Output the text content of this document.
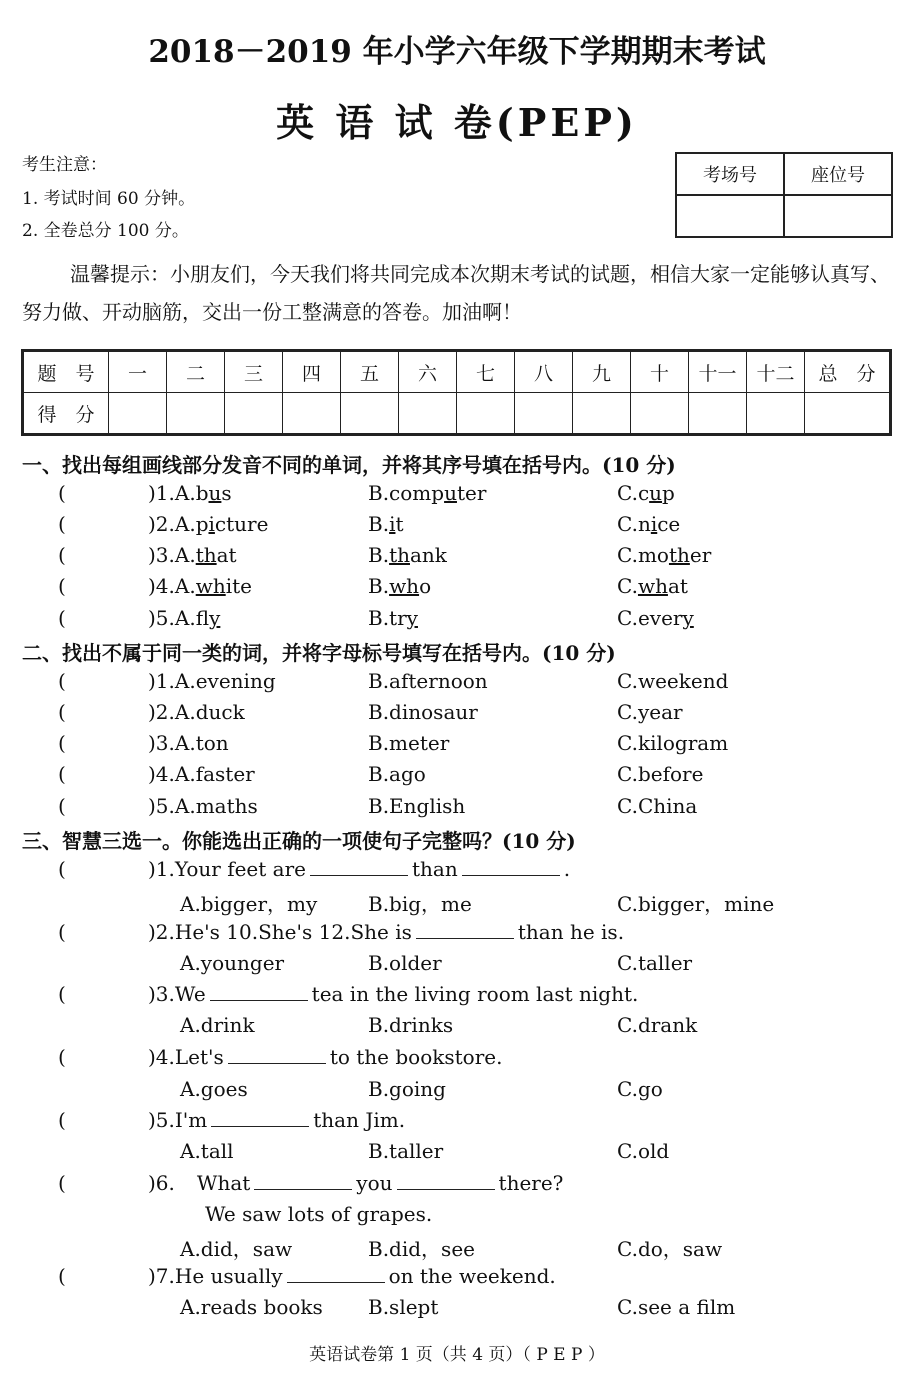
2018－2019 年小学六年级下学期期末考试
英 语 试 卷(PEP)
考生注意：
1. 考试时间 60 分钟。
2. 全卷总分 100 分。
考场号	座位号

温馨提示：小朋友们，今天我们将共同完成本次期末考试的试题，相信大家一定能够认真写、努力做、开动脑筋，交出一份工整满意的答卷。加油啊！
题　号	一	二	三	四	五	六	七	八	九	十	十一	十二	总　分
得　分													
一、找出每组画线部分发音不同的单词，并将其序号填在括号内。(10 分)
(	)1.A.bus	B.computer	C.cup
(	)2.A.picture	B.it	C.nice
(	)3.A.that	B.thank	C.mother
(	)4.A.white	B.who	C.what
(	)5.A.fly	B.try	C.every
二、找出不属于同一类的词，并将字母标号填写在括号内。(10 分)
(	)1.A.evening	B.afternoon	C.weekend
(	)2.A.duck	B.dinosaur	C.year
(	)3.A.ton	B.meter	C.kilogram
(	)4.A.faster	B.ago	C.before
(	)5.A.maths	B.English	C.China
三、智慧三选一。你能选出正确的一项使句子完整吗？(10 分)
(	)1.Your feet are	than	.
A.bigger，my	B.big，me	C.bigger，mine
(	)2.He's 10.She's 12.She is	than he is.
A.younger	B.older	C.taller
(	)3.We	tea in the living room last night.
A.drink	B.drinks	C.drank
(	)4.Let's	to the bookstore.
A.goes	B.going	C.go
(	)5.I'm	than Jim.
A.tall	B.taller	C.old
(	)6. What	you	there?
We saw lots of grapes.
A.did，saw	B.did，see	C.do，saw
(	)7.He usually	on the weekend.
A.reads books B.slept	C.see a film
英语试卷第 1 页（共 4 页）（ P E P ）
